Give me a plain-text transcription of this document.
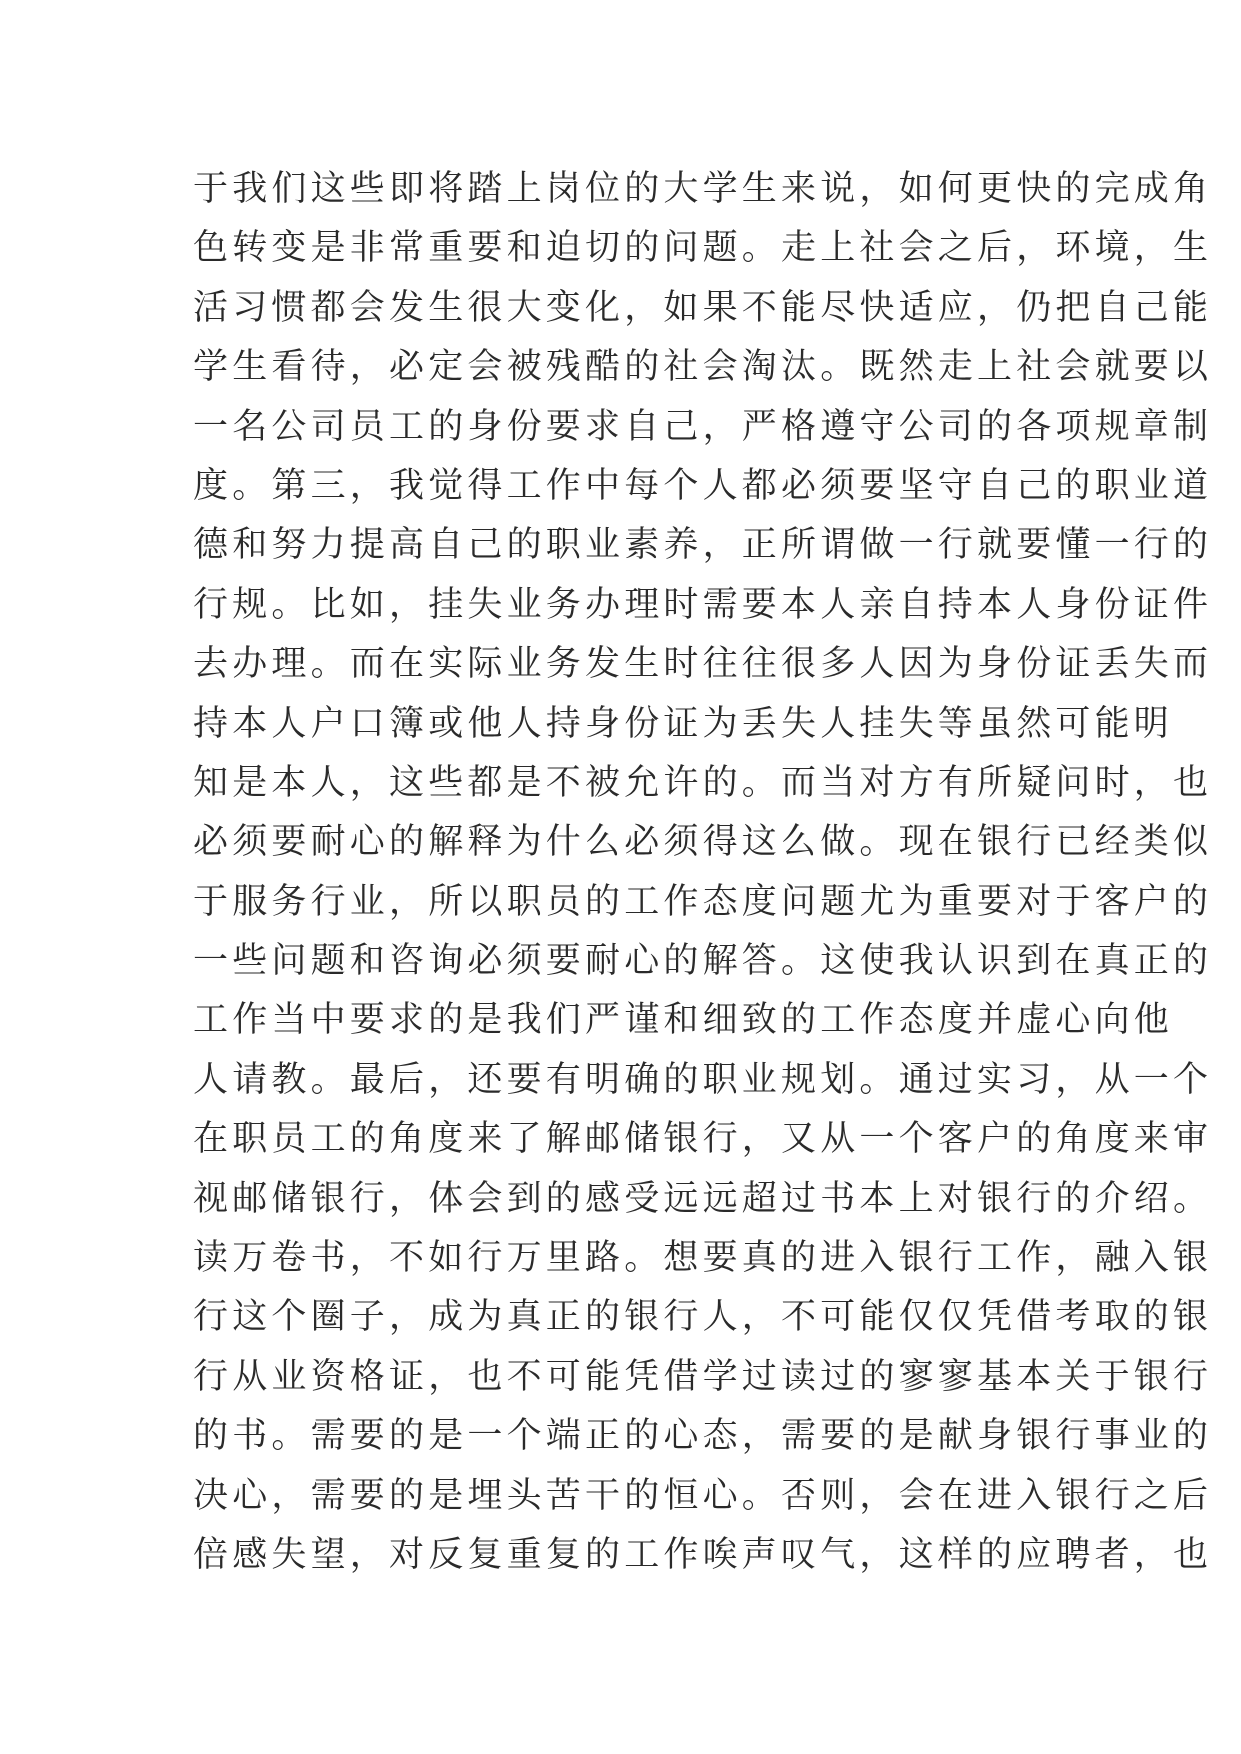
于我们这些即将踏上岗位的大学生来说，如何更快的完成角
色转变是非常重要和迫切的问题。走上社会之后，环境，生
活习惯都会发生很大变化，如果不能尽快适应，仍把自己能
学生看待，必定会被残酷的社会淘汰。既然走上社会就要以
一名公司员工的身份要求自己，严格遵守公司的各项规章制
度。第三，我觉得工作中每个人都必须要坚守自己的职业道
德和努力提高自己的职业素养，正所谓做一行就要懂一行的
行规。比如，挂失业务办理时需要本人亲自持本人身份证件
去办理。而在实际业务发生时往往很多人因为身份证丢失而
持本人户口簿或他人持身份证为丢失人挂失等虽然可能明
知是本人，这些都是不被允许的。而当对方有所疑问时，也
必须要耐心的解释为什么必须得这么做。现在银行已经类似
于服务行业，所以职员的工作态度问题尤为重要对于客户的
一些问题和咨询必须要耐心的解答。这使我认识到在真正的
工作当中要求的是我们严谨和细致的工作态度并虚心向他
人请教。最后，还要有明确的职业规划。通过实习，从一个
在职员工的角度来了解邮储银行，又从一个客户的角度来审
视邮储银行，体会到的感受远远超过书本上对银行的介绍。
读万卷书，不如行万里路。想要真的进入银行工作，融入银
行这个圈子，成为真正的银行人，不可能仅仅凭借考取的银
行从业资格证，也不可能凭借学过读过的寥寥基本关于银行
的书。需要的是一个端正的心态，需要的是献身银行事业的
决心，需要的是埋头苦干的恒心。否则，会在进入银行之后
倍感失望，对反复重复的工作唉声叹气，这样的应聘者，也
